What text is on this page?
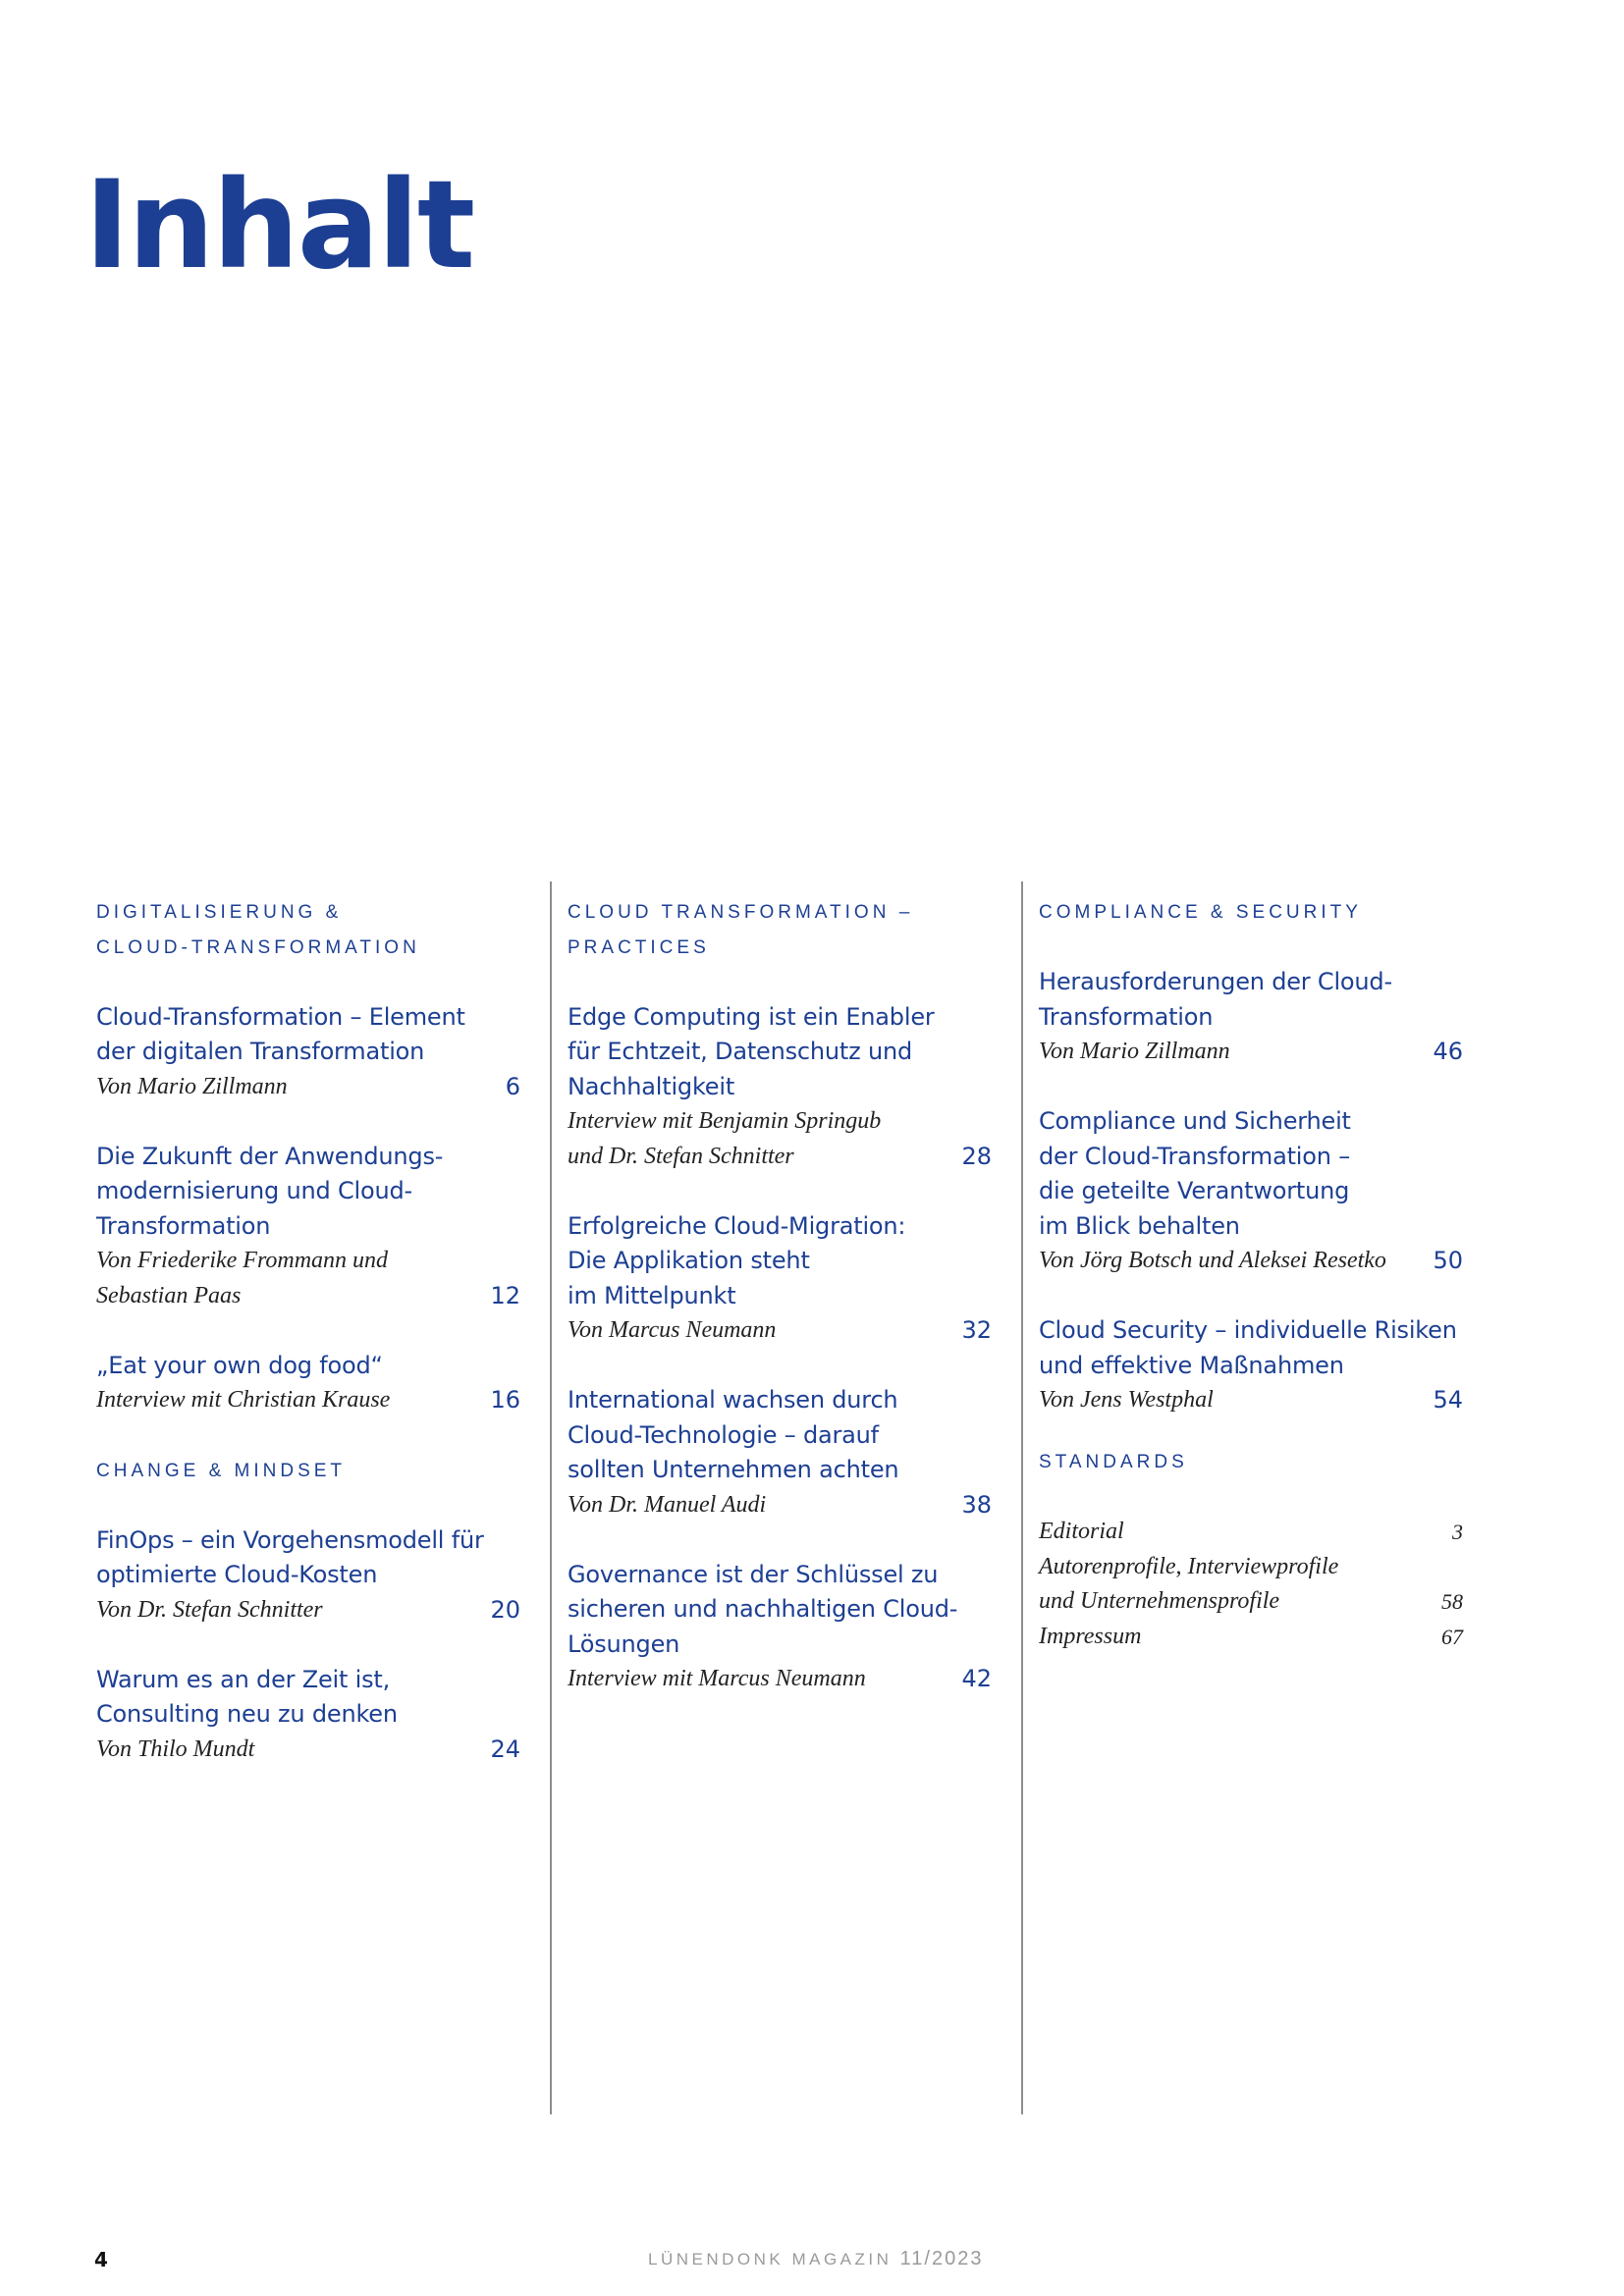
Inhalt
DIGITALISIERUNG &
CLOUD-TRANSFORMATION
Cloud-Transformation – Element
der digitalen Transformation
Von Mario Zillmann	6
Die Zukunft der Anwendungs-
modernisierung und Cloud-
Transformation
Von Friederike Frommann und
Sebastian Paas	12
„Eat your own dog food“
Interview mit Christian Krause	16
CHANGE & MINDSET
FinOps – ein Vorgehensmodell für
optimierte Cloud-Kosten
Von Dr. Stefan Schnitter	20
Warum es an der Zeit ist,
Consulting neu zu denken
Von Thilo Mundt	24
CLOUD TRANSFORMATION –
PRACTICES
Edge Computing ist ein Enabler
für Echtzeit, Datenschutz und
Nachhaltigkeit
Interview mit Benjamin Springub
und Dr. Stefan Schnitter	28
Erfolgreiche Cloud-Migration:
Die Applikation steht
im Mittelpunkt
Von Marcus Neumann	32
International wachsen durch
Cloud-Technologie – darauf
sollten Unternehmen achten
Von Dr. Manuel Audi	38
Governance ist der Schlüssel zu
sicheren und nachhaltigen Cloud-
Lösungen
Interview mit Marcus Neumann	42
COMPLIANCE & SECURITY
Herausforderungen der Cloud-
Transformation
Von Mario Zillmann	46
Compliance und Sicherheit
der Cloud-Transformation –
die geteilte Verantwortung
im Blick behalten
Von Jörg Botsch und Aleksei Resetko	50
Cloud Security – individuelle Risiken
und effektive Maßnahmen
Von Jens Westphal	54
STANDARDS
Editorial	3
Autorenprofile, Interviewprofile
und Unternehmensprofile	58
Impressum	67
4	LÜNENDONK MAGAZIN 11/2023
